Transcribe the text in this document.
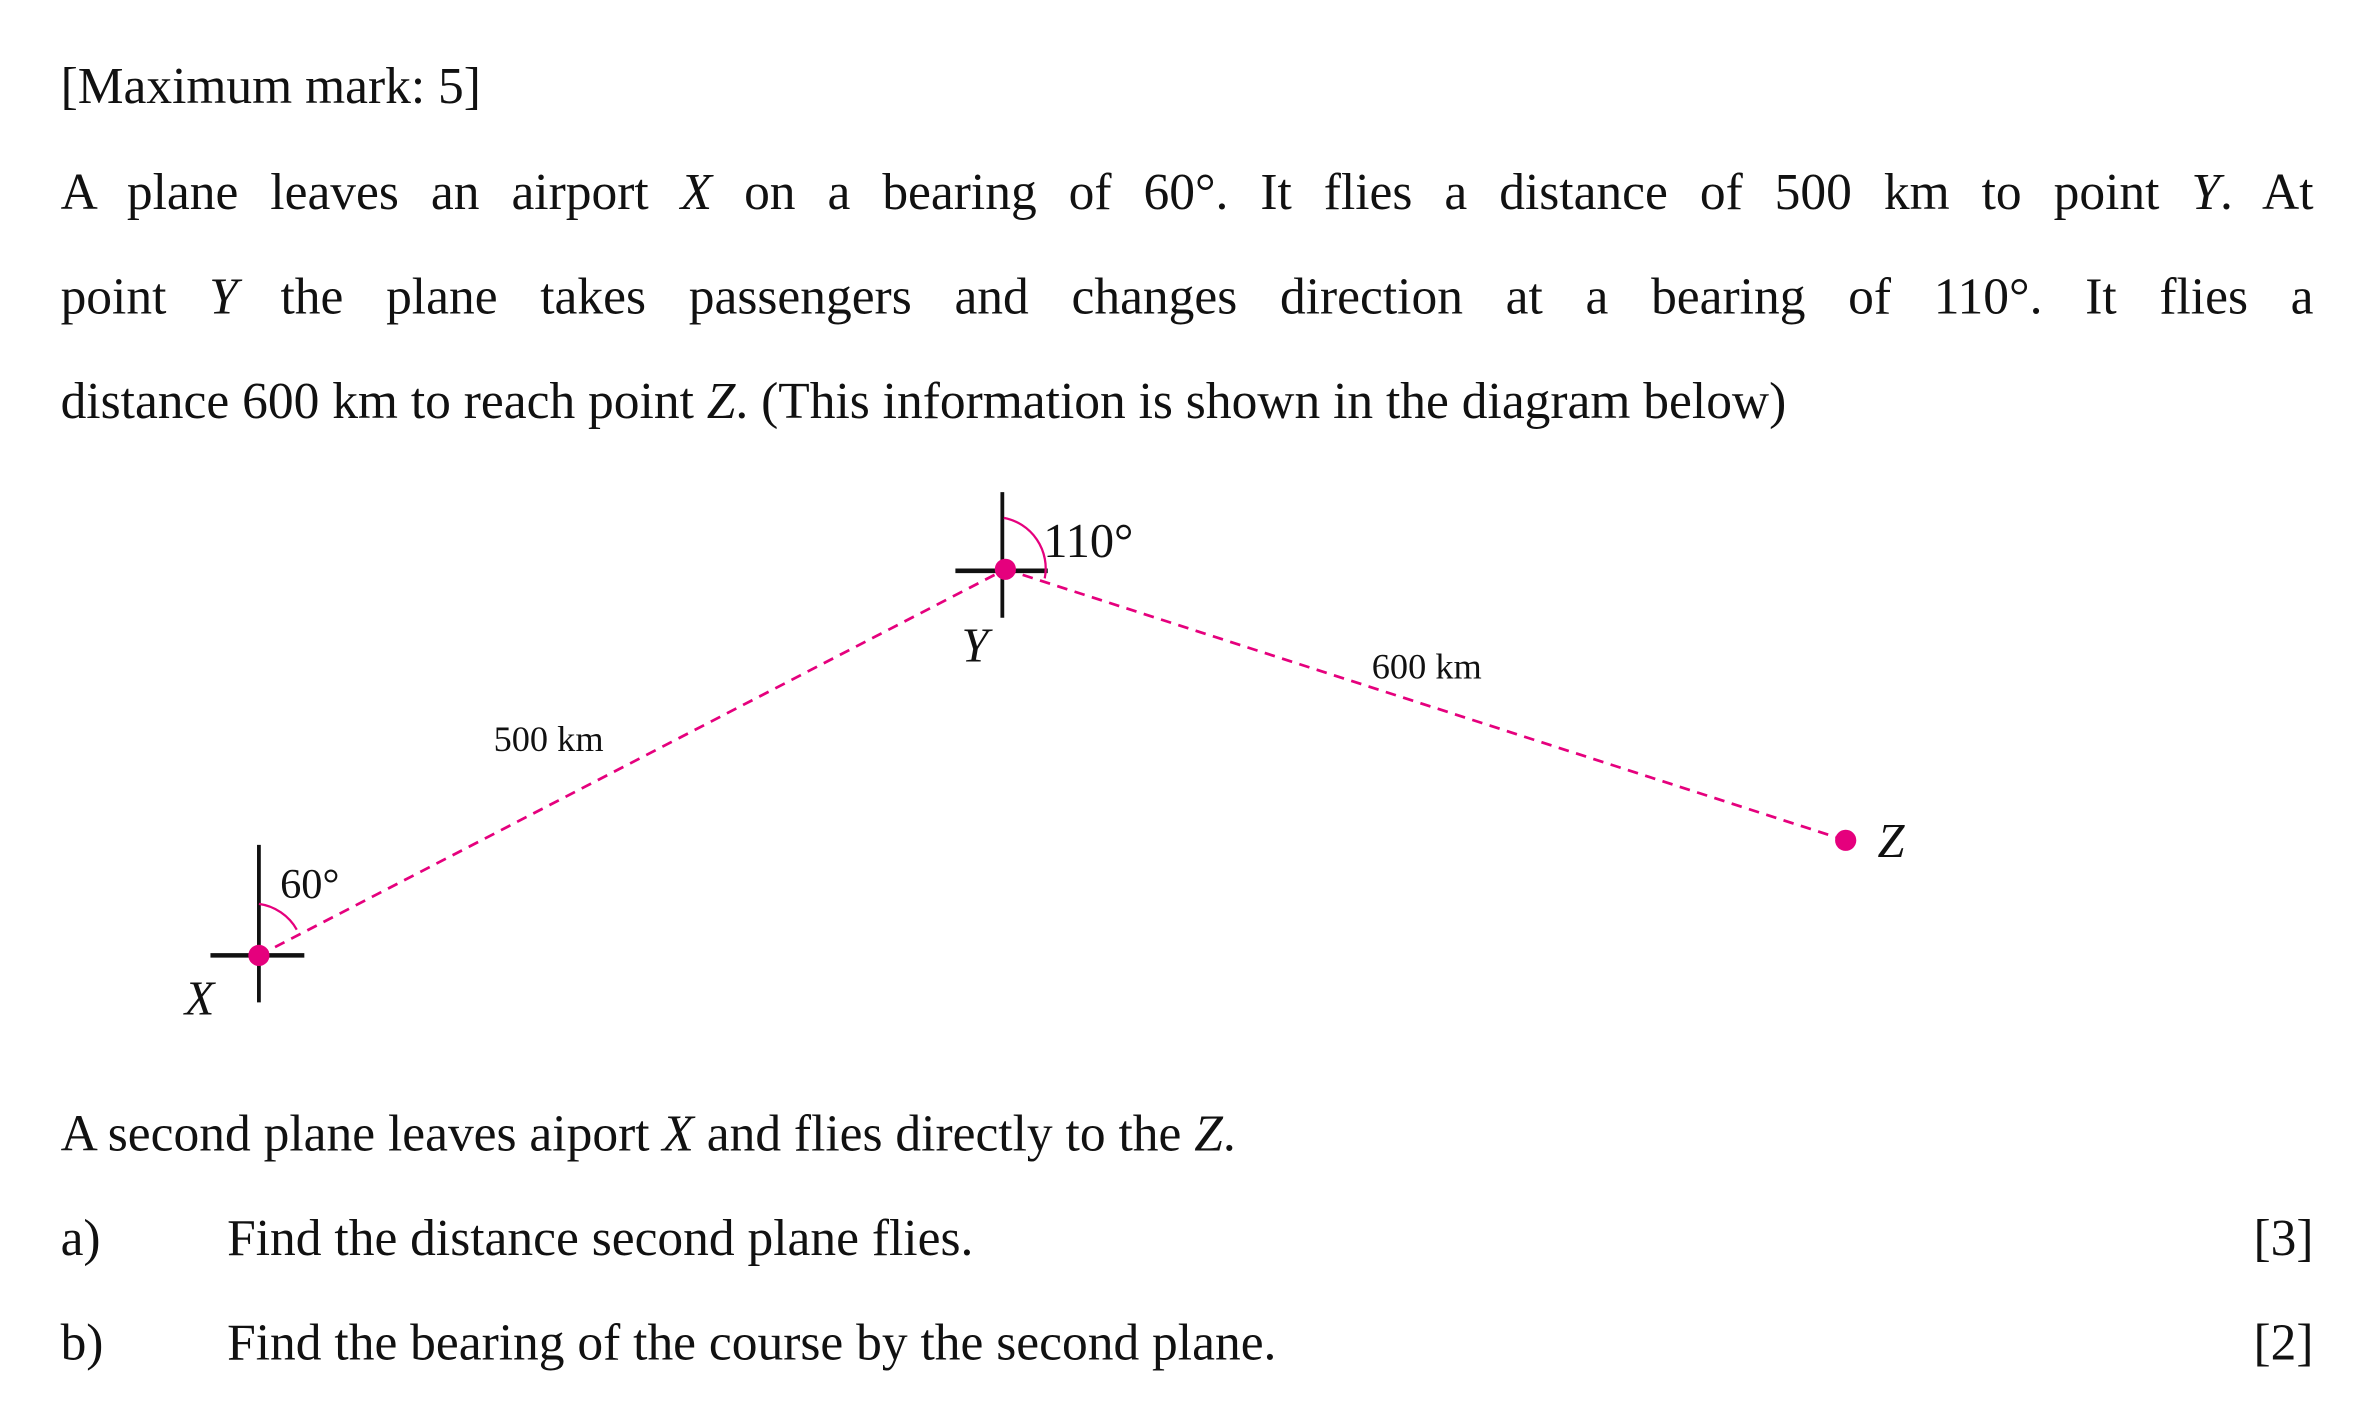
[Maximum mark: 5]
A plane leaves an airport X on a bearing of 60°. It flies a distance of 500 km to point Y. At
point Y the plane takes passengers and changes direction at a bearing of 110°. It flies a
distance 600 km to reach point Z. (This information is shown in the diagram below)
X
Y
Z
60°
110°
500 km
600 km
A second plane leaves aiport X and flies directly to the Z.
a)	Find the distance second plane flies.	[3]
b)	Find the bearing of the course by the second plane.	[2]
